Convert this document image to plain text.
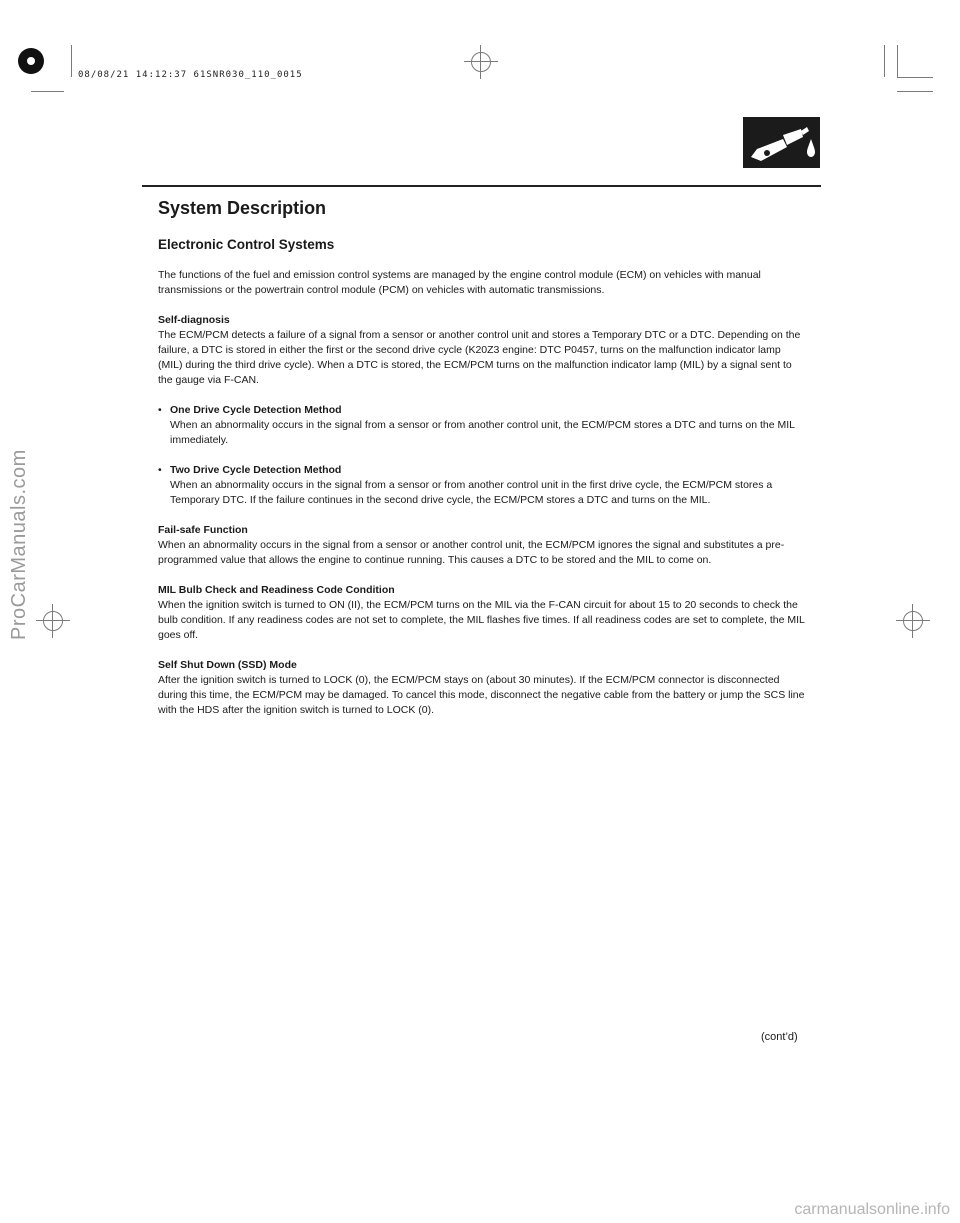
08/08/21 14:12:37 61SNR030_110_0015
ProCarManuals.com
carmanualsonline.info
System Description
Electronic Control Systems

The functions of the fuel and emission control systems are managed by the engine control module (ECM) on vehicles with manual transmissions or the powertrain control module (PCM) on vehicles with automatic transmissions.

Self-diagnosis

The ECM/PCM detects a failure of a signal from a sensor or another control unit and stores a Temporary DTC or a DTC. Depending on the failure, a DTC is stored in either the first or the second drive cycle (K20Z3 engine: DTC P0457, turns on the malfunction indicator lamp (MIL) during the third drive cycle). When a DTC is stored, the ECM/PCM turns on the malfunction indicator lamp (MIL) by a signal sent to the gauge via F-CAN.

• One Drive Cycle Detection Method

When an abnormality occurs in the signal from a sensor or from another control unit, the ECM/PCM stores a DTC and turns on the MIL immediately.

• Two Drive Cycle Detection Method

When an abnormality occurs in the signal from a sensor or from another control unit in the first drive cycle, the ECM/PCM stores a Temporary DTC. If the failure continues in the second drive cycle, the ECM/PCM stores a DTC and turns on the MIL.

Fail-safe Function

When an abnormality occurs in the signal from a sensor or another control unit, the ECM/PCM ignores the signal and substitutes a pre-programmed value that allows the engine to continue running. This causes a DTC to be stored and the MIL to come on.

MIL Bulb Check and Readiness Code Condition

When the ignition switch is turned to ON (II), the ECM/PCM turns on the MIL via the F-CAN circuit for about 15 to 20 seconds to check the bulb condition. If any readiness codes are not set to complete, the MIL flashes five times. If all readiness codes are set to complete, the MIL goes off.

Self Shut Down (SSD) Mode

After the ignition switch is turned to LOCK (0), the ECM/PCM stays on (about 30 minutes). If the ECM/PCM connector is disconnected during this time, the ECM/PCM may be damaged. To cancel this mode, disconnect the negative cable from the battery or jump the SCS line with the HDS after the ignition switch is turned to LOCK (0).

(cont’d)
